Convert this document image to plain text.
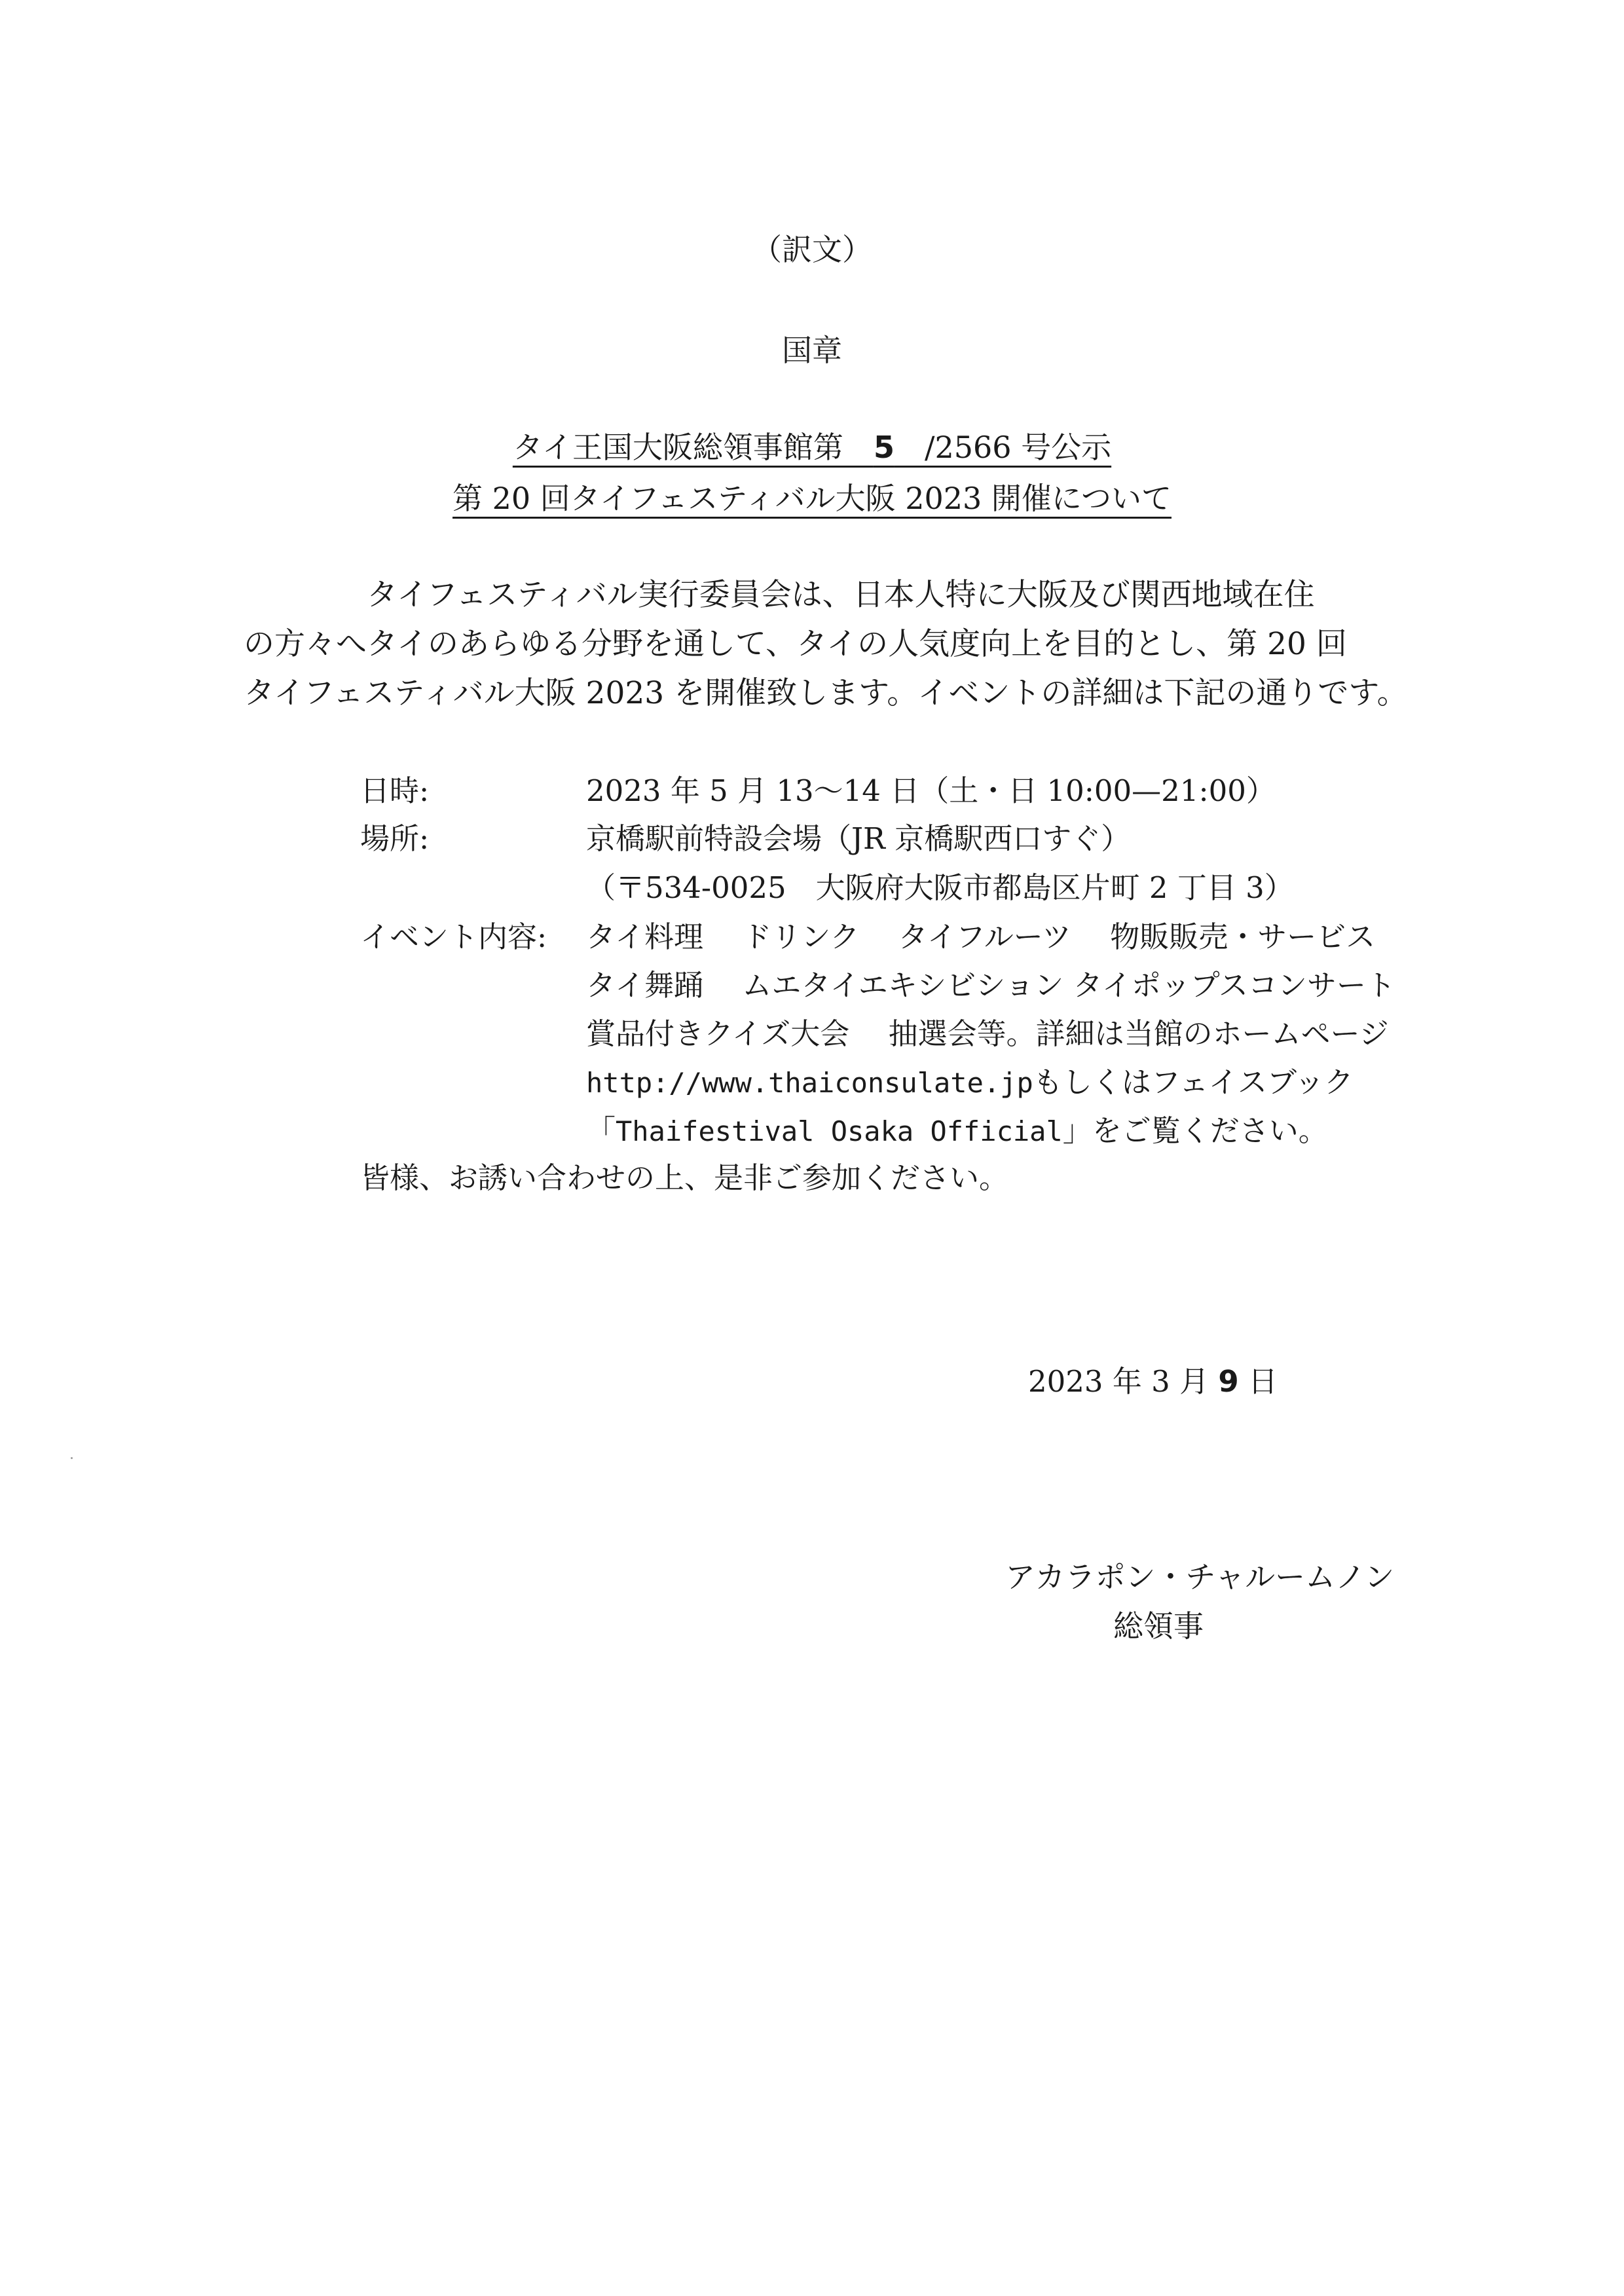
（訳文）
国章
タイ王国大阪総領事館第　5　/2566 号公示
第 20 回タイフェスティバル大阪 2023 開催について
タイフェスティバル実行委員会は、日本人特に大阪及び関西地域在住
の方々へタイのあらゆる分野を通して、タイの人気度向上を目的とし、第 20 回
タイフェスティバル大阪 2023 を開催致します。イベントの詳細は下記の通りです。
日時:	2023 年 5 月 13〜14 日（土・日 10:00—21:00）
場所:	京橋駅前特設会場（JR 京橋駅西口すぐ）
（〒534-0025　大阪府大阪市都島区片町 2 丁目 3）
イベント内容: タイ料理　 ドリンク　 タイフルーツ　 物販販売・サービス
タイ舞踊　 ムエタイエキシビション タイポップスコンサート
賞品付きクイズ大会　 抽選会等。詳細は当館のホームページ
http://www.thaiconsulate.jpもしくはフェイスブック
「Thaifestival Osaka Official」をご覧ください。
皆様、お誘い合わせの上、是非ご参加ください。
2023 年 3 月 9 日
アカラポン・チャルームノン
総領事
